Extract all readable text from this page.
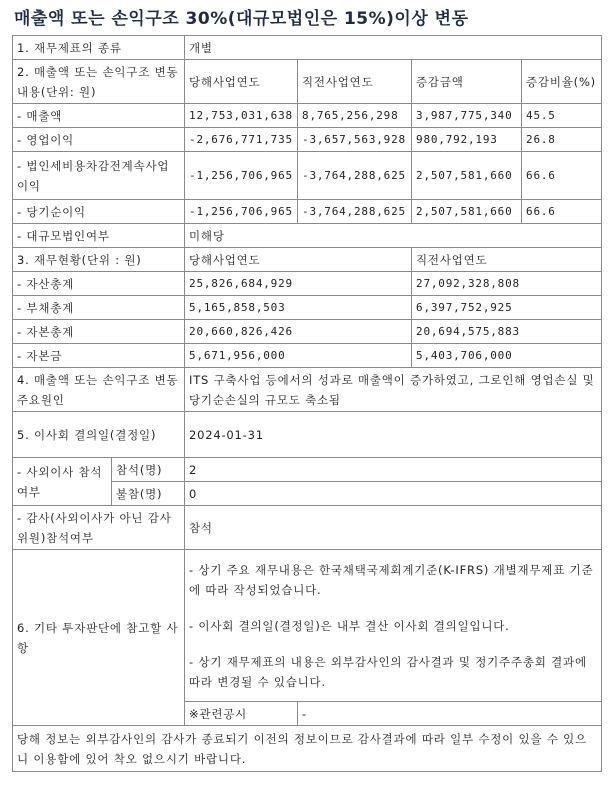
매출액 또는 손익구조 30%(대규모법인은 15%)이상 변동
1. 재무제표의 종류		개별			
2. 매출액 또는 손익구조 변동내용(단위: 원)		당해사업연도	직전사업연도	증감금액	증감비율(%)
- 매출액		12,753,031,638	8,765,256,298	3,987,775,340	45.5
- 영업이익		-2,676,771,735	-3,657,563,928	980,792,193	26.8
- 법인세비용차감전계속사업이익		-1,256,706,965	-3,764,288,625	2,507,581,660	66.6
- 당기순이익		-1,256,706,965	-3,764,288,625	2,507,581,660	66.6
- 대규모법인여부		미해당			
3. 재무현황(단위 : 원)		당해사업연도		직전사업연도	
- 자산총계		25,826,684,929		27,092,328,808	
- 부채총계		5,165,858,503		6,397,752,925	
- 자본총계		20,660,826,426		20,694,575,883	
- 자본금		5,671,956,000		5,403,706,000	
4. 매출액 또는 손익구조 변동 주요원인		ITS 구축사업 등에서의 성과로 매출액이 증가하였고, 그로인해 영업손실 및 당기순손실의 규모도 축소됨			
5. 이사회 결의일(결정일)		2024-01-31			
- 사외이사 참석여부	참석(명)	2			
	불참(명)	0			
- 감사(사외이사가 아닌 감사위원)참석여부		참석			
6. 기타 투자판단에 참고할 사항		- 상기 주요 재무내용은 한국채택국제회계기준(K-IFRS) 개별재무제표 기준에 따라 작성되었습니다.
- 이사회 결의일(결정일)은 내부 결산 이사회 결의일입니다.
- 상기 재무제표의 내용은 외부감사인의 감사결과 및 정기주주총회 결과에 따라 변경될 수 있습니다.			

		※관련공시	-		
당해 정보는 외부감사인의 감사가 종료되기 이전의 정보이므로 감사결과에 따라 일부 수정이 있을 수 있으니 이용함에 있어 착오 없으시기 바랍니다.					
